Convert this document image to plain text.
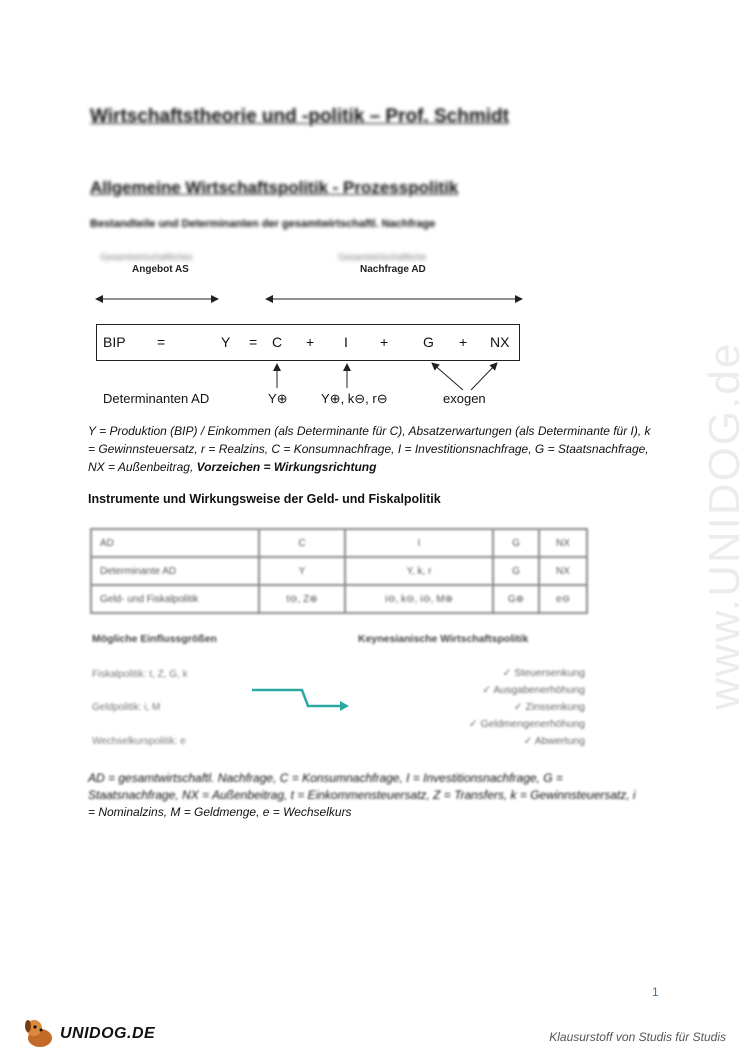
Wirtschaftstheorie und -politik – Prof. Schmidt
Allgemeine Wirtschaftspolitik - Prozesspolitik
Bestandteile und Determinanten der gesamtwirtschaftl. Nachfrage
Gesamtwirtschaftliches
Angebot AS
Gesamtwirtschaftliche
Nachfrage AD
BIP =	Y = C + I + G + NX
Determinanten AD	Y⊕	Y⊕, k⊖, r⊖	exogen
Y = Produktion (BIP) / Einkommen (als Determinante für C), Absatzerwartungen (als Determinante für I), k = Gewinnsteuersatz, r = Realzins, C = Konsumnachfrage, I = Investitionsnachfrage, G = Staatsnachfrage, NX = Außenbeitrag, Vorzeichen = Wirkungsrichtung
Instrumente und Wirkungsweise der Geld- und Fiskalpolitik
AD	C	I	G	NX
Determinante AD	Y	Y, k, r	G	NX
Geld- und Fiskalpolitik	t⊖, Z⊕	i⊖, k⊖, i⊖, M⊕	G⊕	e⊖
Mögliche Einflussgrößen	Keynesianische Wirtschaftspolitik
Fiskalpolitik: t, Z, G, k
Geldpolitik: i, M
Wechselkurspolitik: e
✓ Steuersenkung
✓ Ausgabenerhöhung
✓ Zinssenkung
✓ Geldmengenerhöhung
✓ Abwertung
AD = gesamtwirtschaftl. Nachfrage, C = Konsumnachfrage, I = Investitionsnachfrage, G =
Staatsnachfrage, NX = Außenbeitrag, t = Einkommensteuersatz, Z = Transfers, k = Gewinnsteuersatz, i
= Nominalzins, M = Geldmenge, e = Wechselkurs
www.UNIDOG.de
1
UNIDOG.DE	Klausurstoff von Studis für Studis
